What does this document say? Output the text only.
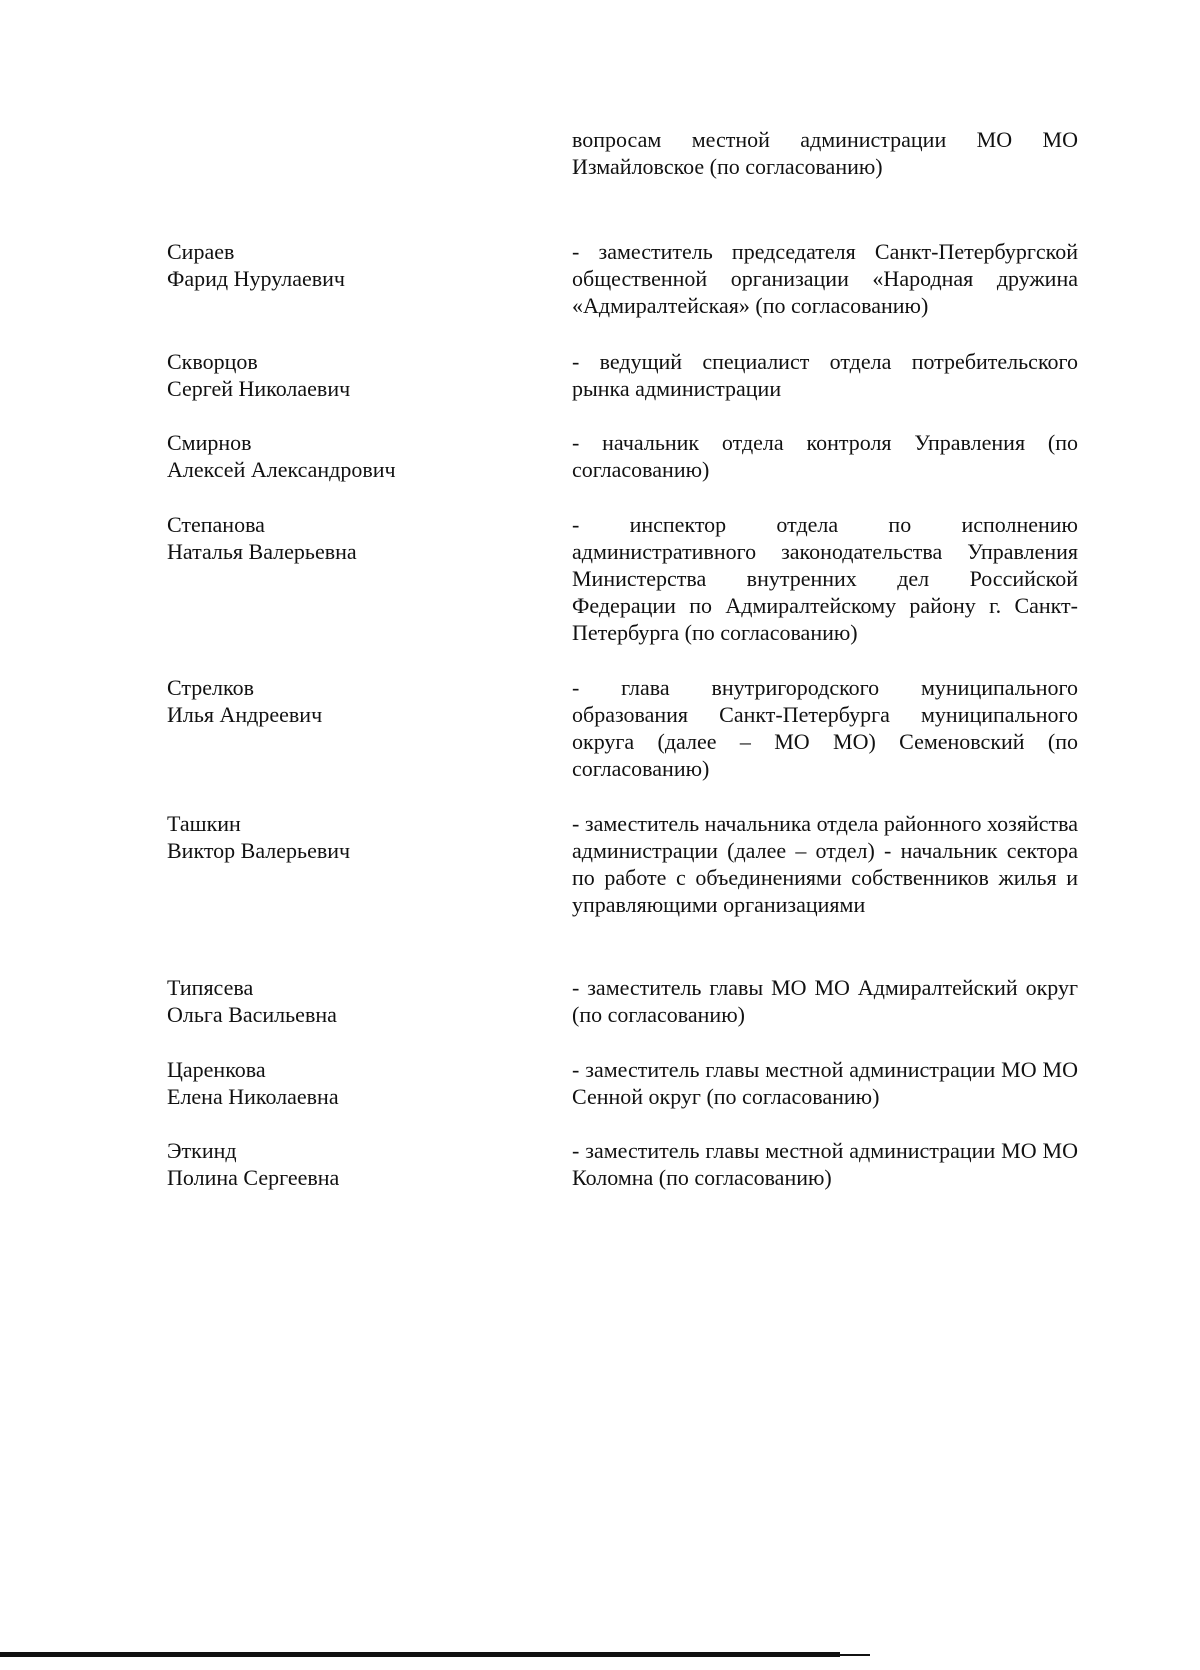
вопросам местной администрации МО МО Измайловское (по согласованию)
Сираев
Фарид Нурулаевич
- заместитель председателя Санкт-Петербургской общественной организации «Народная дружина «Адмиралтейская» (по согласованию)
Скворцов
Сергей Николаевич
- ведущий специалист отдела потребительского рынка администрации
Смирнов
Алексей Александрович
- начальник отдела контроля Управления (по согласованию)
Степанова
Наталья Валерьевна
- инспектор отдела по исполнению административного законодательства Управления Министерства внутренних дел Российской Федерации по Адмиралтейскому району г. Санкт-Петербурга (по согласованию)
Стрелков
Илья Андреевич
- глава внутригородского муниципального образования Санкт-Петербурга муниципального округа (далее – МО МО) Семеновский (по согласованию)
Ташкин
Виктор Валерьевич
- заместитель начальника отдела районного хозяйства администрации (далее – отдел) - начальник сектора по работе с объединениями собственников жилья и управляющими организациями
Типясева
Ольга Васильевна
- заместитель главы МО МО Адмиралтейский округ (по согласованию)
Царенкова
Елена Николаевна
- заместитель главы местной администрации МО МО Сенной округ (по согласованию)
Эткинд
Полина Сергеевна
- заместитель главы местной администрации МО МО Коломна (по согласованию)
